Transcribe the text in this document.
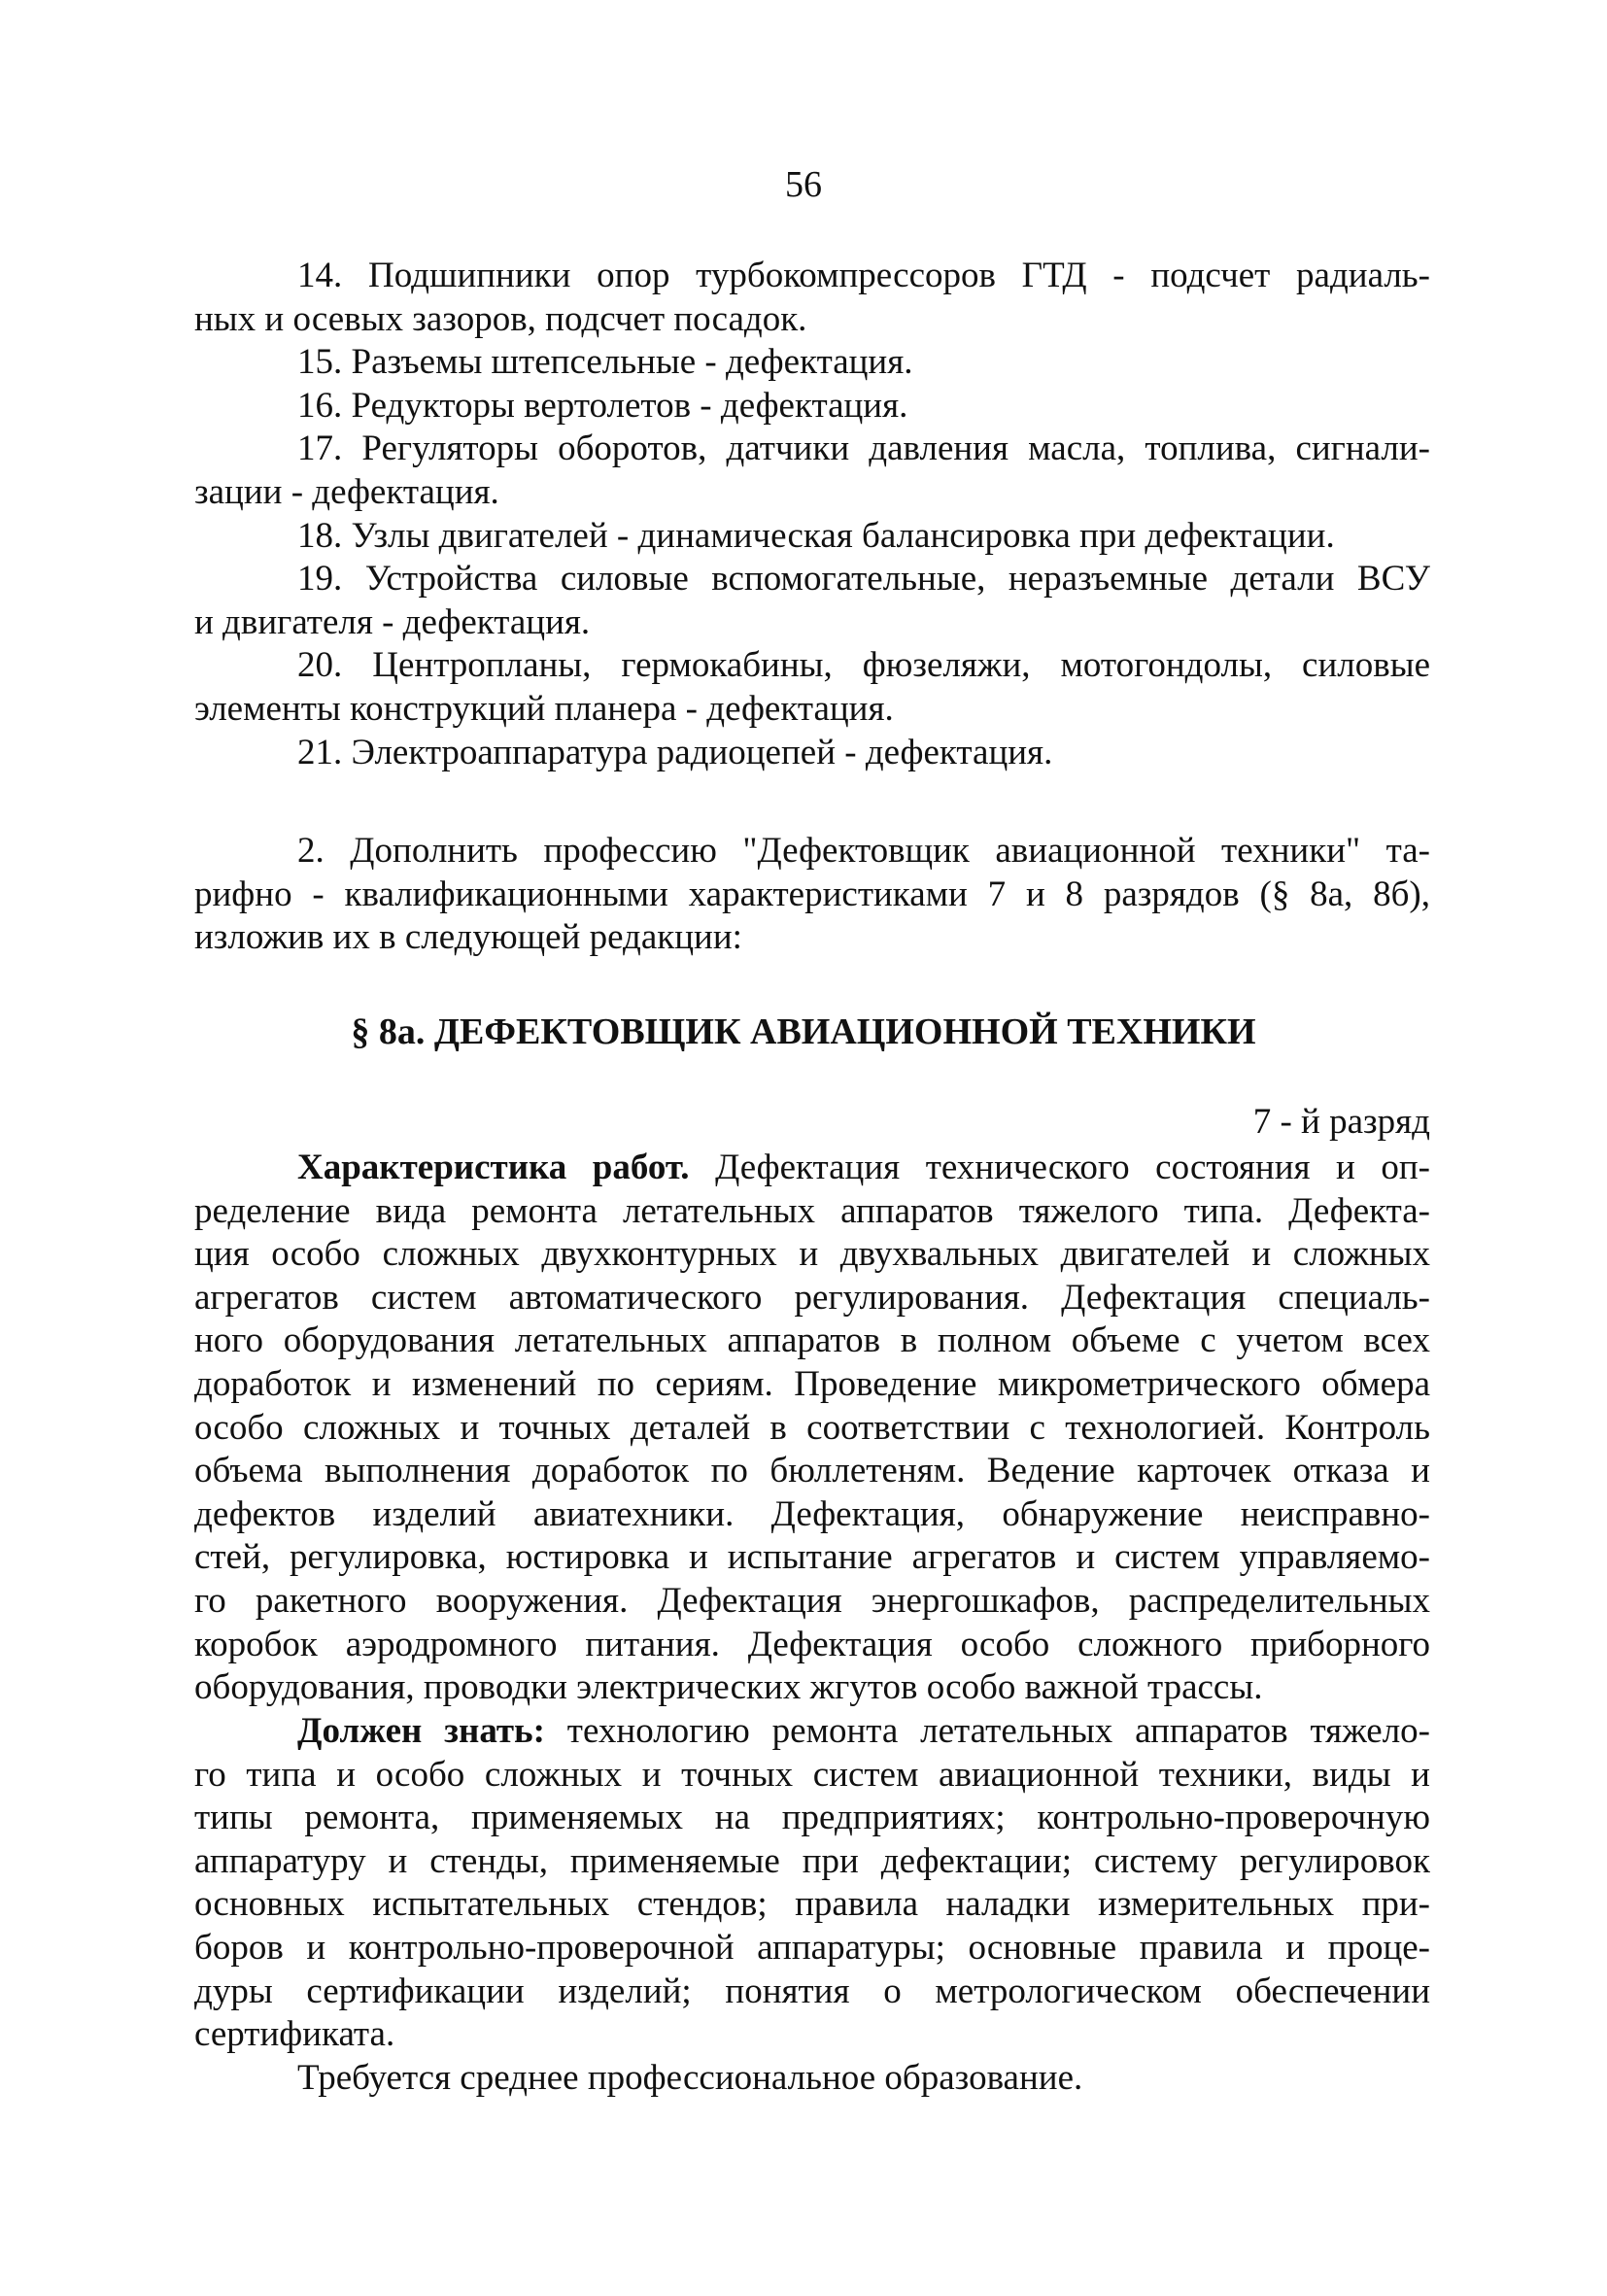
56
14. Подшипники опор турбокомпрессоров ГТД - подсчет радиаль-
ных и осевых зазоров, подсчет посадок.
15. Разъемы штепсельные - дефектация.
16. Редукторы вертолетов - дефектация.
17. Регуляторы оборотов, датчики давления масла, топлива, сигнали-
зации - дефектация.
18. Узлы двигателей - динамическая балансировка при дефектации.
19. Устройства силовые вспомогательные, неразъемные детали ВСУ
и двигателя - дефектация.
20. Центропланы, гермокабины, фюзеляжи, мотогондолы, силовые
элементы конструкций планера - дефектация.
21. Электроаппаратура радиоцепей - дефектация.
2. Дополнить профессию "Дефектовщик авиационной техники" та-
рифно - квалификационными характеристиками 7 и 8 разрядов (§ 8а, 8б),
изложив их в следующей редакции:
§ 8а. ДЕФЕКТОВЩИК АВИАЦИОННОЙ ТЕХНИКИ
7 - й разряд
Характеристика работ. Дефектация технического состояния и оп-
ределение вида ремонта летательных аппаратов тяжелого типа. Дефекта-
ция особо сложных двухконтурных и двухвальных двигателей и сложных
агрегатов систем автоматического регулирования. Дефектация специаль-
ного оборудования летательных аппаратов в полном объеме с учетом всех
доработок и изменений по сериям. Проведение микрометрического обмера
особо сложных и точных деталей в соответствии с технологией. Контроль
объема выполнения доработок по бюллетеням. Ведение карточек отказа и
дефектов изделий авиатехники. Дефектация, обнаружение неисправно-
стей, регулировка, юстировка и испытание агрегатов и систем управляемо-
го ракетного вооружения. Дефектация энергошкафов, распределительных
коробок аэродромного питания. Дефектация особо сложного приборного
оборудования, проводки электрических жгутов особо важной трассы.
Должен знать: технологию ремонта летательных аппаратов тяжело-
го типа и особо сложных и точных систем авиационной техники, виды и
типы ремонта, применяемых на предприятиях; контрольно-проверочную
аппаратуру и стенды, применяемые при дефектации; систему регулировок
основных испытательных стендов; правила наладки измерительных при-
боров и контрольно-проверочной аппаратуры; основные правила и проце-
дуры сертификации изделий; понятия о метрологическом обеспечении
сертификата.
Требуется среднее профессиональное образование.
